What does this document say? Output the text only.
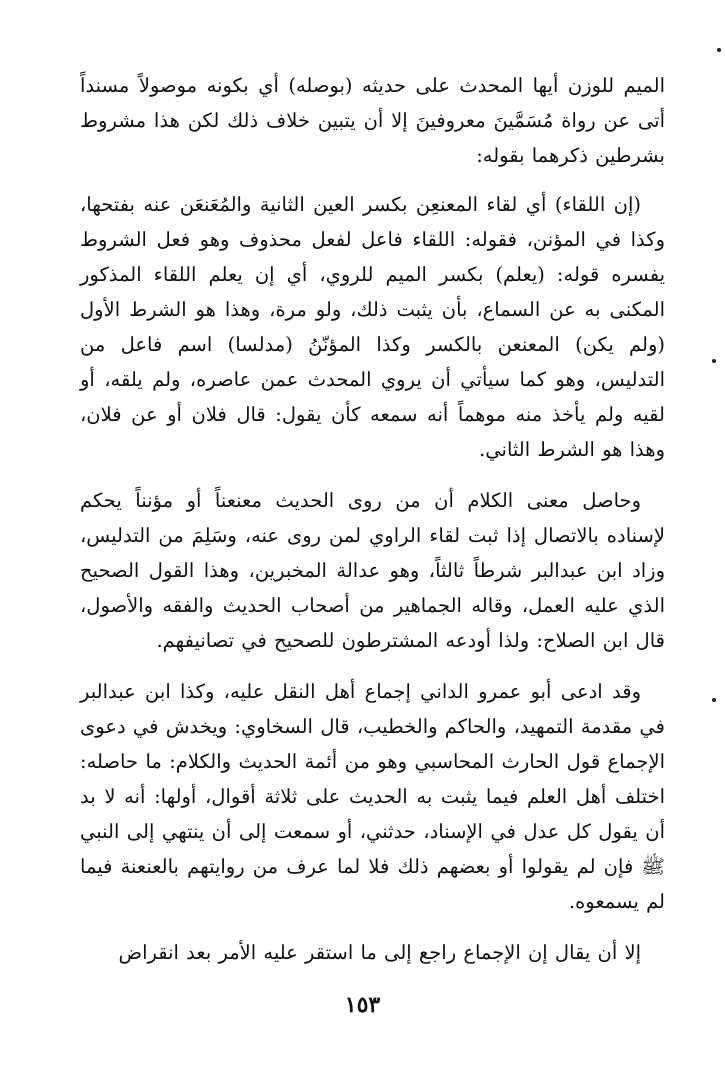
الميم للوزن أيها المحدث على حديثه (بوصله) أي بكونه موصولاً مسنداً أتى عن رواة مُسَمَّينَ معروفينَ إلا أن يتبين خلاف ذلك لكن هذا مشروط بشرطين ذكرهما بقوله:

(إن اللقاء) أي لقاء المعنعِن بكسر العين الثانية والمُعَنعَن عنه بفتحها، وكذا في المؤنن، فقوله: اللقاء فاعل لفعل محذوف وهو فعل الشروط يفسره قوله: (يعلم) بكسر الميم للروي، أي إن يعلم اللقاء المذكور المكنى به عن السماع، بأن يثبت ذلك، ولو مرة، وهذا هو الشرط الأول (ولم يكن) المعنعن بالكسر وكذا المؤنّنُ (مدلسا) اسم فاعل من التدليس، وهو كما سيأتي أن يروي المحدث عمن عاصره، ولم يلقه، أو لقيه ولم يأخذ منه موهماً أنه سمعه كأن يقول: قال فلان أو عن فلان، وهذا هو الشرط الثاني.

وحاصل معنى الكلام أن من روى الحديث معنعناً أو مؤنناً يحكم لإسناده بالاتصال إذا ثبت لقاء الراوي لمن روى عنه، وسَلِمَ من التدليس، وزاد ابن عبدالبر شرطاً ثالثاً، وهو عدالة المخبرين، وهذا القول الصحيح الذي عليه العمل، وقاله الجماهير من أصحاب الحديث والفقه والأصول، قال ابن الصلاح: ولذا أودعه المشترطون للصحيح في تصانيفهم.

وقد ادعى أبو عمرو الداني إجماع أهل النقل عليه، وكذا ابن عبدالبر في مقدمة التمهيد، والحاكم والخطيب، قال السخاوي: ويخدش في دعوى الإجماع قول الحارث المحاسبي وهو من أئمة الحديث والكلام: ما حاصله: اختلف أهل العلم فيما يثبت به الحديث على ثلاثة أقوال، أولها: أنه لا بد أن يقول كل عدل في الإسناد، حدثني، أو سمعت إلى أن ينتهي إلى النبي ﷺ فإن لم يقولوا أو بعضهم ذلك فلا لما عرف من روايتهم بالعنعنة فيما لم يسمعوه.

إلا أن يقال إن الإجماع راجع إلى ما استقر عليه الأمر بعد انقراض

١٥٣
